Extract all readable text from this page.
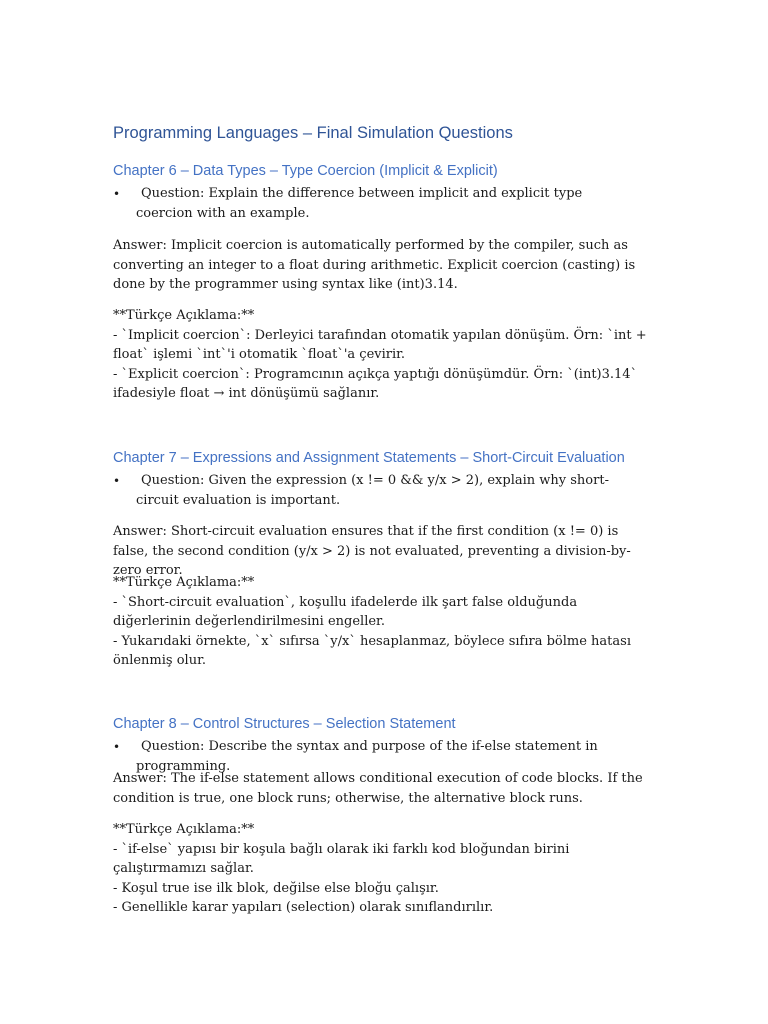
Programming Languages – Final Simulation Questions
Chapter 6 – Data Types – Type Coercion (Implicit & Explicit)
•	Question: Explain the difference between implicit and explicit type coercion with an example.

Answer: Implicit coercion is automatically performed by the compiler, such as converting an integer to a float during arithmetic. Explicit coercion (casting) is done by the programmer using syntax like (int)3.14.

**Türkçe Açıklama:**
- `Implicit coercion`: Derleyici tarafından otomatik yapılan dönüşüm. Örn: `int + float` işlemi `int`'i otomatik `float`'a çevirir.
- `Explicit coercion`: Programcının açıkça yaptığı dönüşümdür. Örn: `(int)3.14` ifadesiyle float → int dönüşümü sağlanır.

Chapter 7 – Expressions and Assignment Statements – Short-Circuit Evaluation
•	Question: Given the expression (x != 0 && y/x > 2), explain why short-circuit evaluation is important.

Answer: Short-circuit evaluation ensures that if the first condition (x != 0) is false, the second condition (y/x > 2) is not evaluated, preventing a division-by-zero error.

**Türkçe Açıklama:**
- `Short-circuit evaluation`, koşullu ifadelerde ilk şart false olduğunda diğerlerinin değerlendirilmesini engeller.
- Yukarıdaki örnekte, `x` sıfırsa `y/x` hesaplanmaz, böylece sıfıra bölme hatası önlenmiş olur.

Chapter 8 – Control Structures – Selection Statement
•	Question: Describe the syntax and purpose of the if-else statement in programming.

Answer: The if-else statement allows conditional execution of code blocks. If the condition is true, one block runs; otherwise, the alternative block runs.

**Türkçe Açıklama:**
- `if-else` yapısı bir koşula bağlı olarak iki farklı kod bloğundan birini çalıştırmamızı sağlar.
- Koşul true ise ilk blok, değilse else bloğu çalışır.
- Genellikle karar yapıları (selection) olarak sınıflandırılır.
